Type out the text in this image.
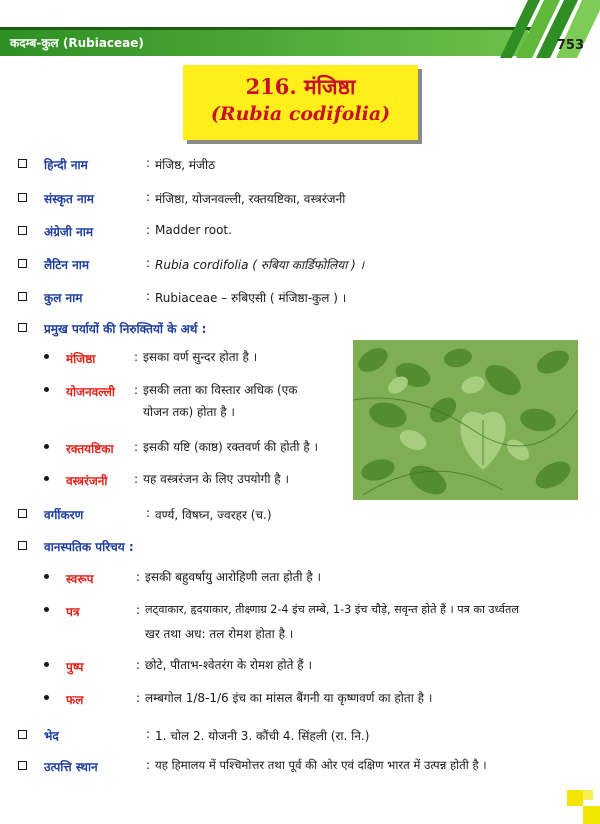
कदम्ब-कुल (Rubiaceae)	753
216. मंजिष्ठा
(Rubia codifolia)
हिन्दी नाम	: मंजिष्ठ, मंजीठ
संस्कृत नाम	: मंजिष्ठा, योजनवल्ली, रक्तयष्टिका, वस्त्ररंजनी
अंग्रेजी नाम	: Madder root.
लैटिन नाम	: Rubia cordifolia ( रुबिया कार्डिफोलिया ) ।
कुल नाम	: Rubiaceae – रुबिएसी ( मंजिष्ठा-कुल ) ।
प्रमुख पर्यायों की निरुक्तियों के अर्थ :
मंजिष्ठा	: इसका वर्ण सुन्दर होता है ।
योजनवल्ली : इसकी लता का विस्तार अधिक (एक
योजन तक) होता है ।
रक्तयष्टिका : इसकी यष्टि (काष्ठ) रक्तवर्ण की होती है ।
वस्त्ररंजनी : यह वस्त्ररंजन के लिए उपयोगी है ।
वर्गीकरण	: वर्ण्य, विषघ्न, ज्वरहर (च.)
वानस्पतिक परिचय :
स्वरूप	: इसकी बहुवर्षायु आरोहिणी लता होती है ।
पत्र	: लट्वाकार, हृदयाकार, तीक्ष्णाग्र 2-4 इंच लम्बे, 1-3 इंच चौड़े, सवृन्त होते हैं । पत्र का उर्ध्वतल
खर तथा अध: तल रोमश होता है ।
पुष्प	: छोटे, पीताभ-श्वेतरंग के रोमश होते हैं ।
फल	: लम्बगोल 1/8-1/6 इंच का मांसल बैंगनी या कृष्णवर्ण का होता है ।
भेद	: 1. चोल 2. योजनी 3. कौंची 4. सिंहली (रा. नि.)
उत्पत्ति स्थान	: यह हिमालय में पश्चिमोत्तर तथा पूर्व की ओर एवं दक्षिण भारत में उत्पन्न होती है ।
